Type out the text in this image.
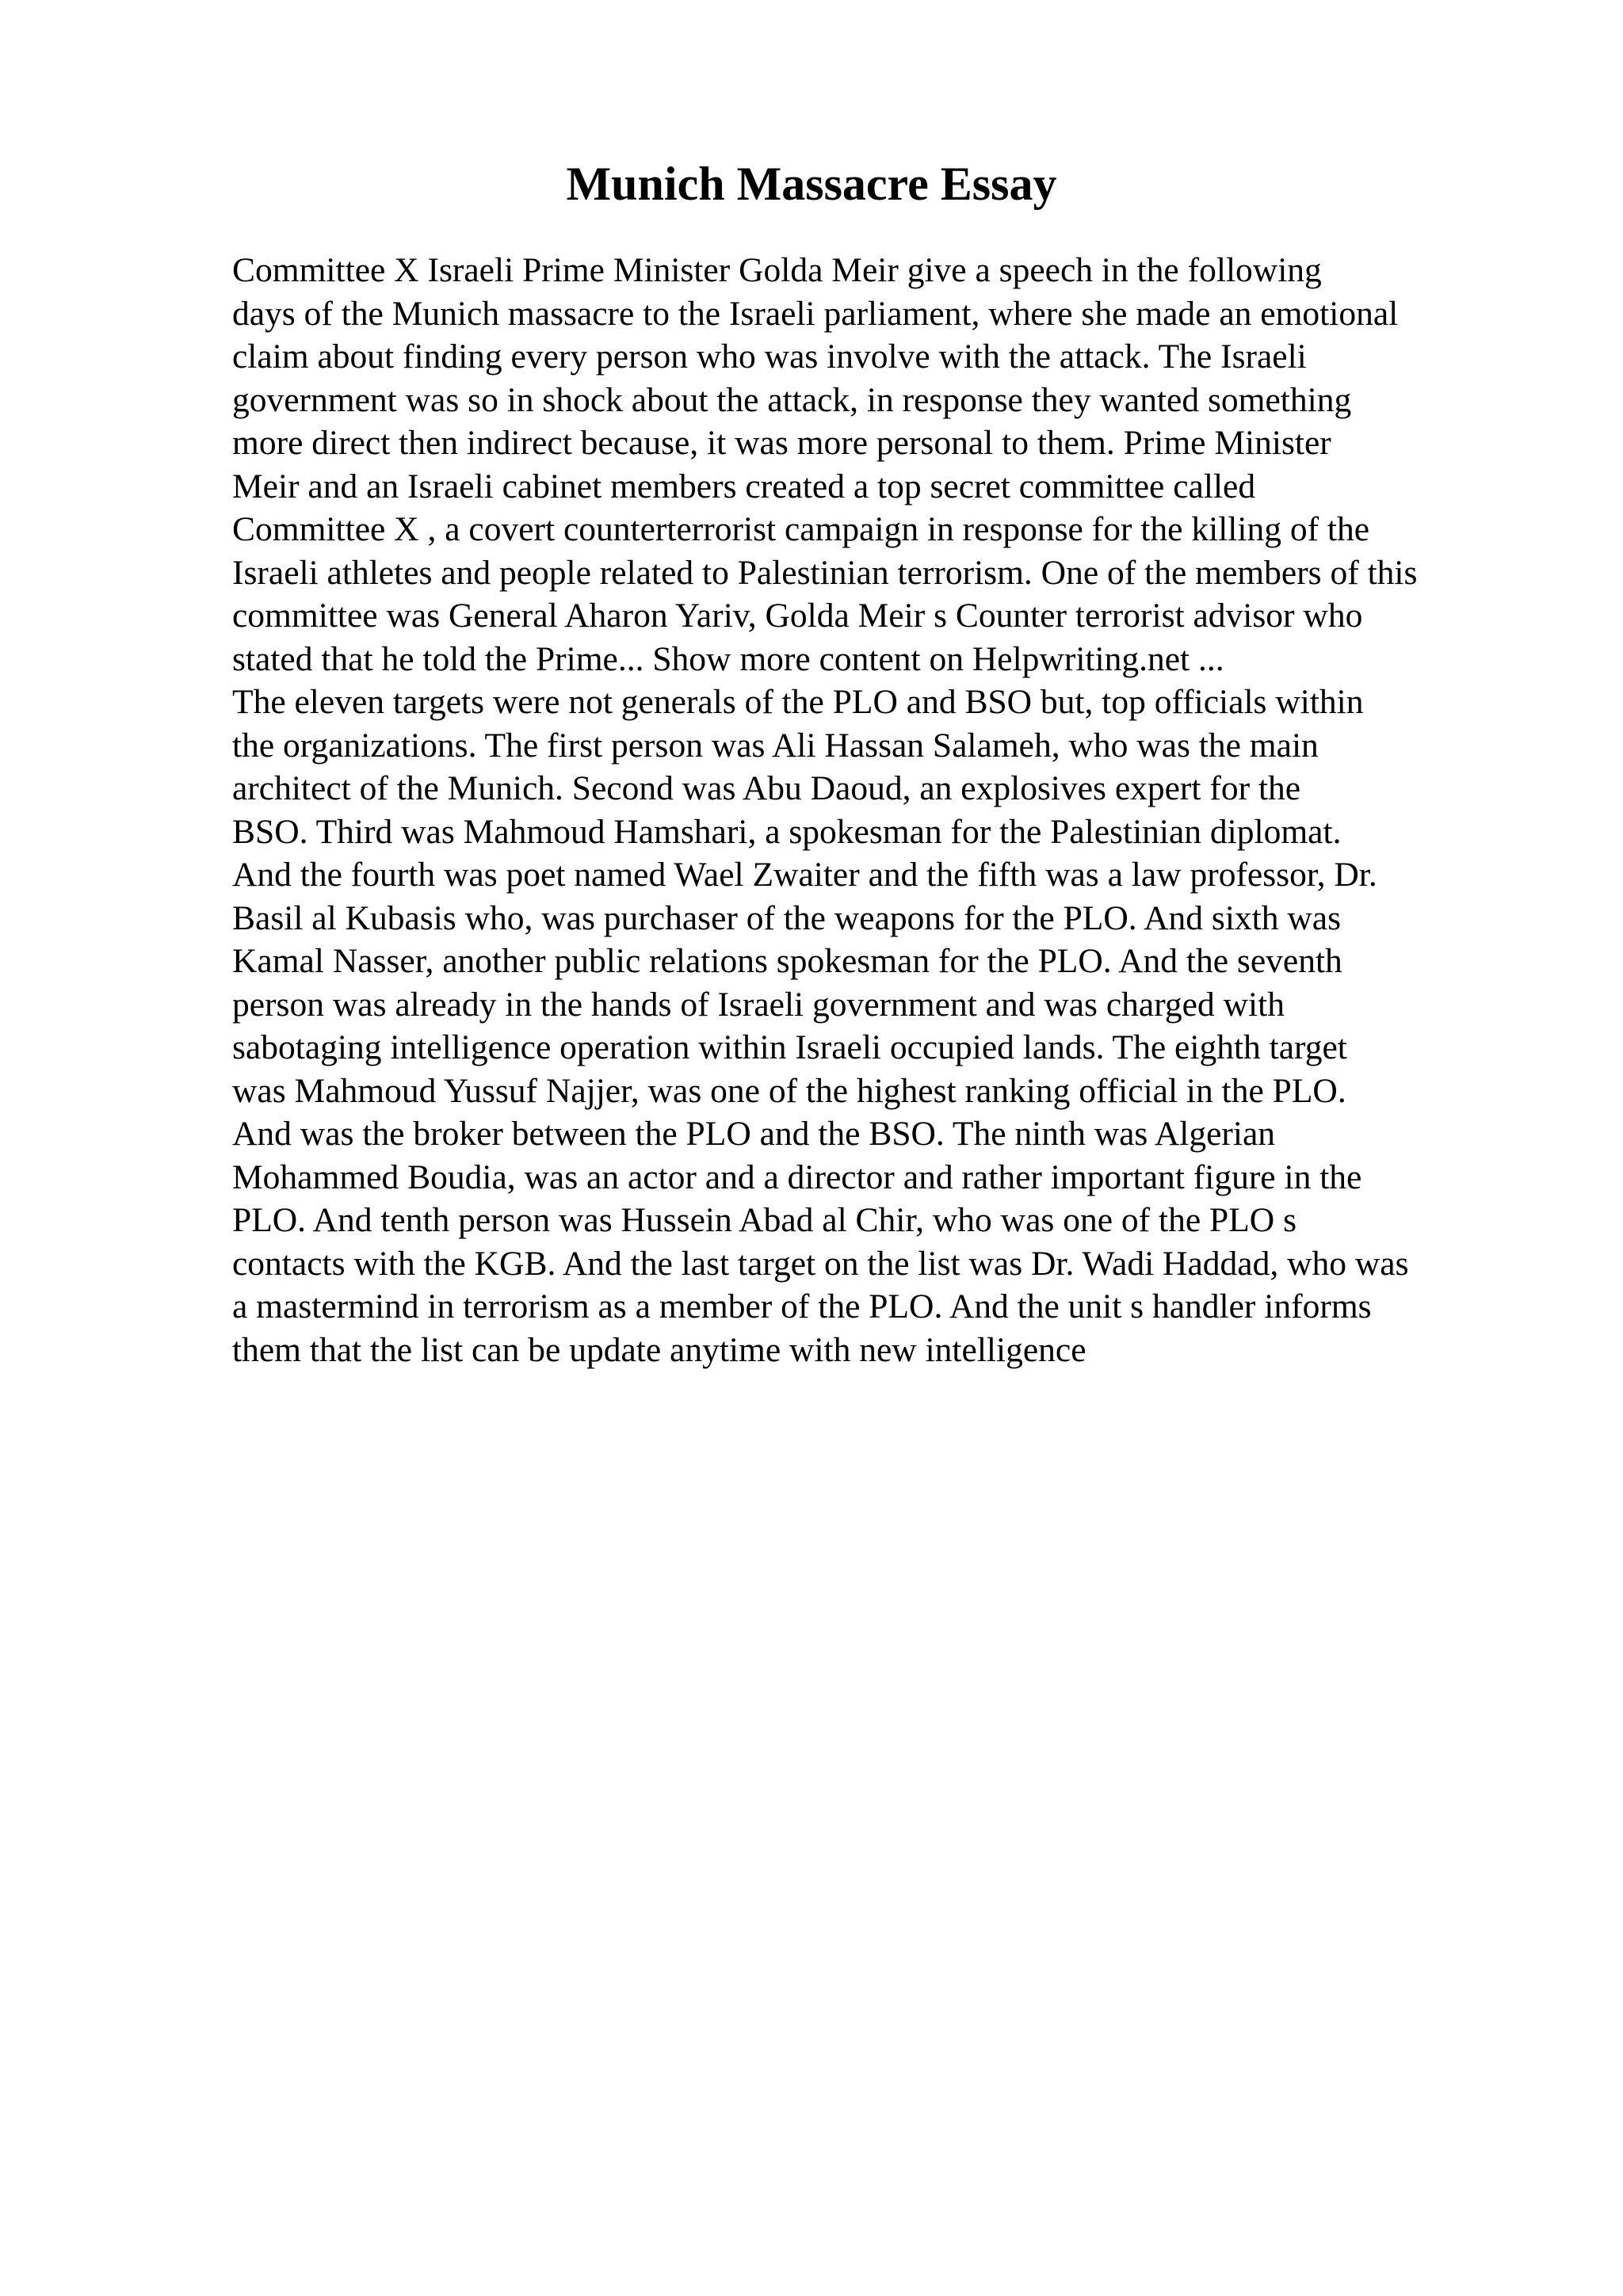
Munich Massacre Essay
Committee X Israeli Prime Minister Golda Meir give a speech in the following
days of the Munich massacre to the Israeli parliament, where she made an emotional
claim about finding every person who was involve with the attack. The Israeli
government was so in shock about the attack, in response they wanted something
more direct then indirect because, it was more personal to them. Prime Minister
Meir and an Israeli cabinet members created a top secret committee called
Committee X , a covert counterterrorist campaign in response for the killing of the
Israeli athletes and people related to Palestinian terrorism. One of the members of this
committee was General Aharon Yariv, Golda Meir s Counter terrorist advisor who
stated that he told the Prime... Show more content on Helpwriting.net ...
The eleven targets were not generals of the PLO and BSO but, top officials within
the organizations. The first person was Ali Hassan Salameh, who was the main
architect of the Munich. Second was Abu Daoud, an explosives expert for the
BSO. Third was Mahmoud Hamshari, a spokesman for the Palestinian diplomat.
And the fourth was poet named Wael Zwaiter and the fifth was a law professor, Dr.
Basil al Kubasis who, was purchaser of the weapons for the PLO. And sixth was
Kamal Nasser, another public relations spokesman for the PLO. And the seventh
person was already in the hands of Israeli government and was charged with
sabotaging intelligence operation within Israeli occupied lands. The eighth target
was Mahmoud Yussuf Najjer, was one of the highest ranking official in the PLO.
And was the broker between the PLO and the BSO. The ninth was Algerian
Mohammed Boudia, was an actor and a director and rather important figure in the
PLO. And tenth person was Hussein Abad al Chir, who was one of the PLO s
contacts with the KGB. And the last target on the list was Dr. Wadi Haddad, who was
a mastermind in terrorism as a member of the PLO. And the unit s handler informs
them that the list can be update anytime with new intelligence
